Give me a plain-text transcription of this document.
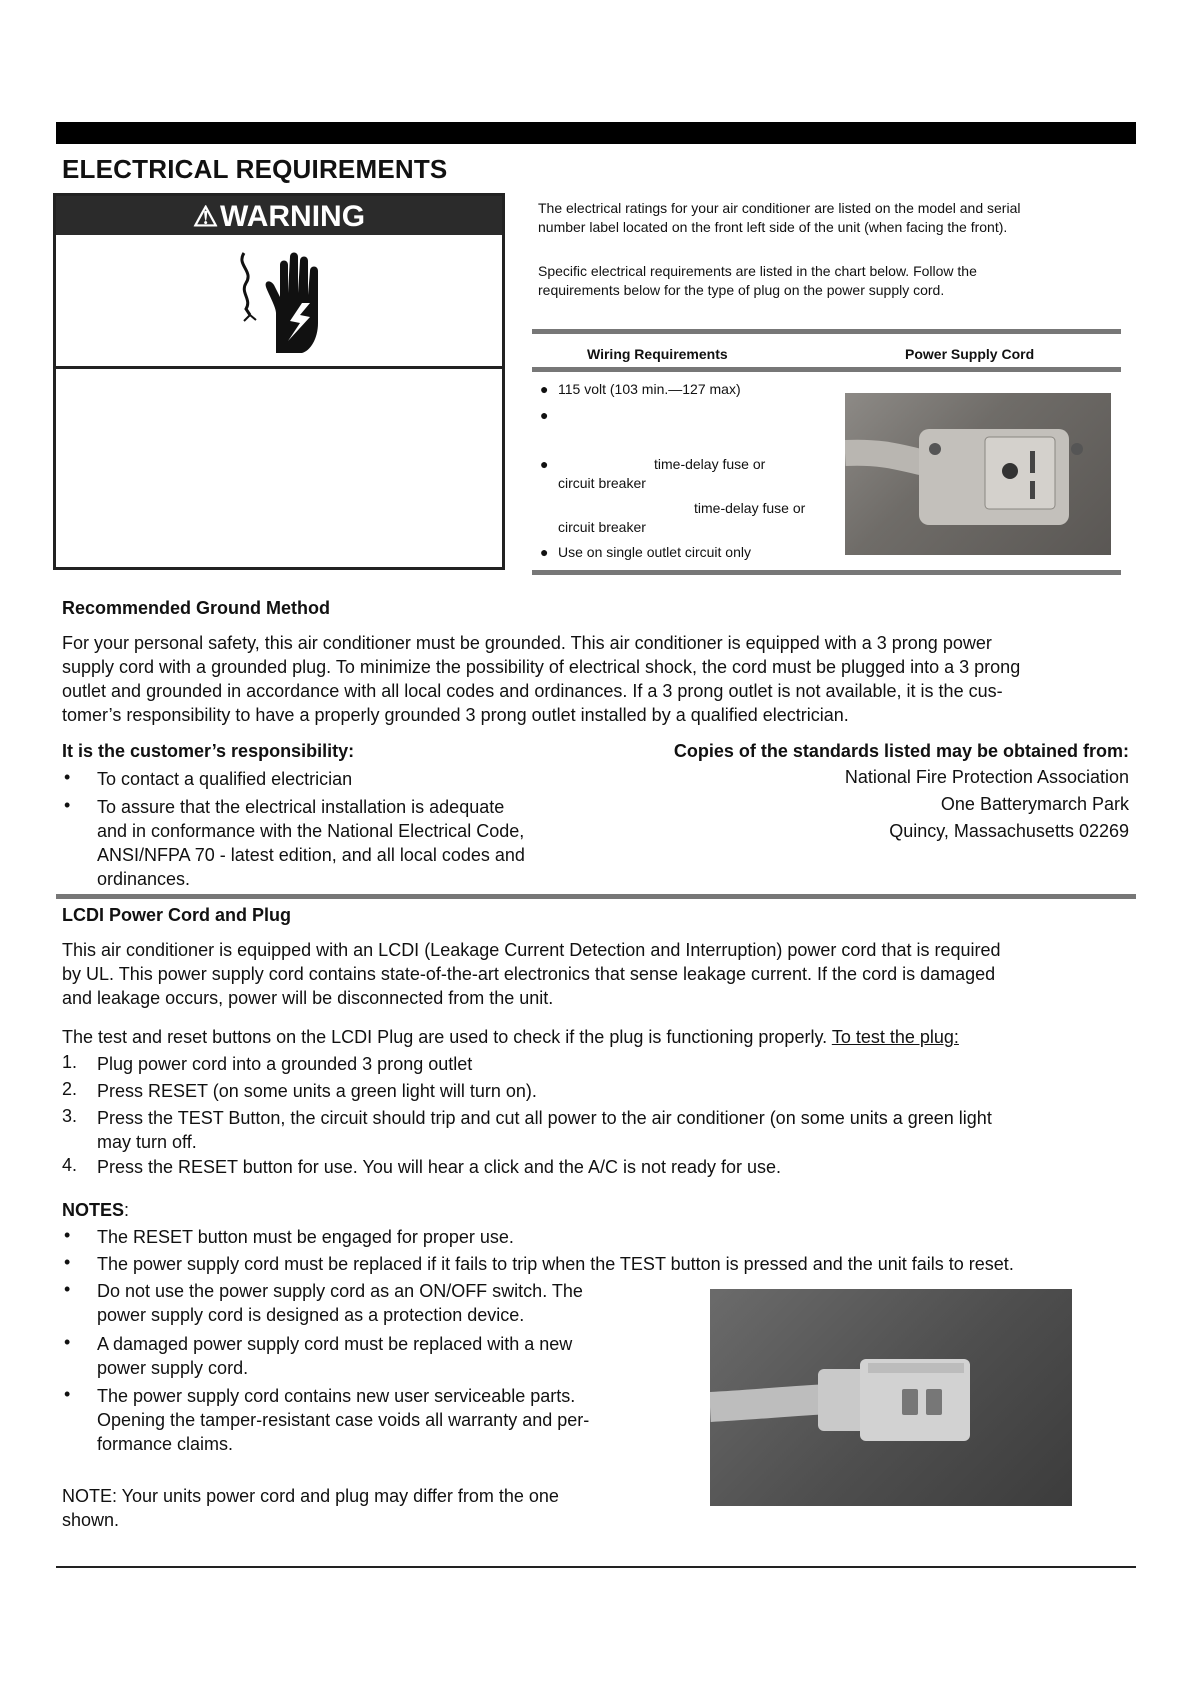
ELECTRICAL REQUIREMENTS
⚠WARNING	The electrical ratings for your air conditioner are listed on the model and serial
number label located on the front left side of the unit (when facing the front).
Specific electrical requirements are listed in the chart below. Follow the
requirements below for the type of plug on the power supply cord.
Wiring Requirements	Power Supply Cord
● 115 volt (103 min.—127 max)
●
●	time-delay fuse or
circuit breaker
time-delay fuse or
circuit breaker
● Use on single outlet circuit only
Recommended Ground Method
For your personal safety, this air conditioner must be grounded. This air conditioner is equipped with a 3 prong power
supply cord with a grounded plug. To minimize the possibility of electrical shock, the cord must be plugged into a 3 prong
outlet and grounded in accordance with all local codes and ordinances. If a 3 prong outlet is not available, it is the cus-
tomer’s responsibility to have a properly grounded 3 prong outlet installed by a qualified electrician.
It is the customer’s responsibility:
• To contact a qualified electrician
• To assure that the electrical installation is adequate
and in conformance with the National Electrical Code,
ANSI/NFPA 70 - latest edition, and all local codes and
ordinances.
Copies of the standards listed may be obtained from:
National Fire Protection Association
One Batterymarch Park
Quincy, Massachusetts 02269
LCDI Power Cord and Plug
This air conditioner is equipped with an LCDI (Leakage Current Detection and Interruption) power cord that is required
by UL. This power supply cord contains state-of-the-art electronics that sense leakage current. If the cord is damaged
and leakage occurs, power will be disconnected from the unit.
The test and reset buttons on the LCDI Plug are used to check if the plug is functioning properly. To test the plug:
1. Plug power cord into a grounded 3 prong outlet
2. Press RESET (on some units a green light will turn on).
3. Press the TEST Button, the circuit should trip and cut all power to the air conditioner (on some units a green light
may turn off.
4. Press the RESET button for use. You will hear a click and the A/C is not ready for use.
NOTES:
• The RESET button must be engaged for proper use.
• The power supply cord must be replaced if it fails to trip when the TEST button is pressed and the unit fails to reset.
• Do not use the power supply cord as an ON/OFF switch. The
power supply cord is designed as a protection device.
• A damaged power supply cord must be replaced with a new
power supply cord.
• The power supply cord contains new user serviceable parts.
Opening the tamper-resistant case voids all warranty and per-
formance claims.
NOTE: Your units power cord and plug may differ from the one
shown.
